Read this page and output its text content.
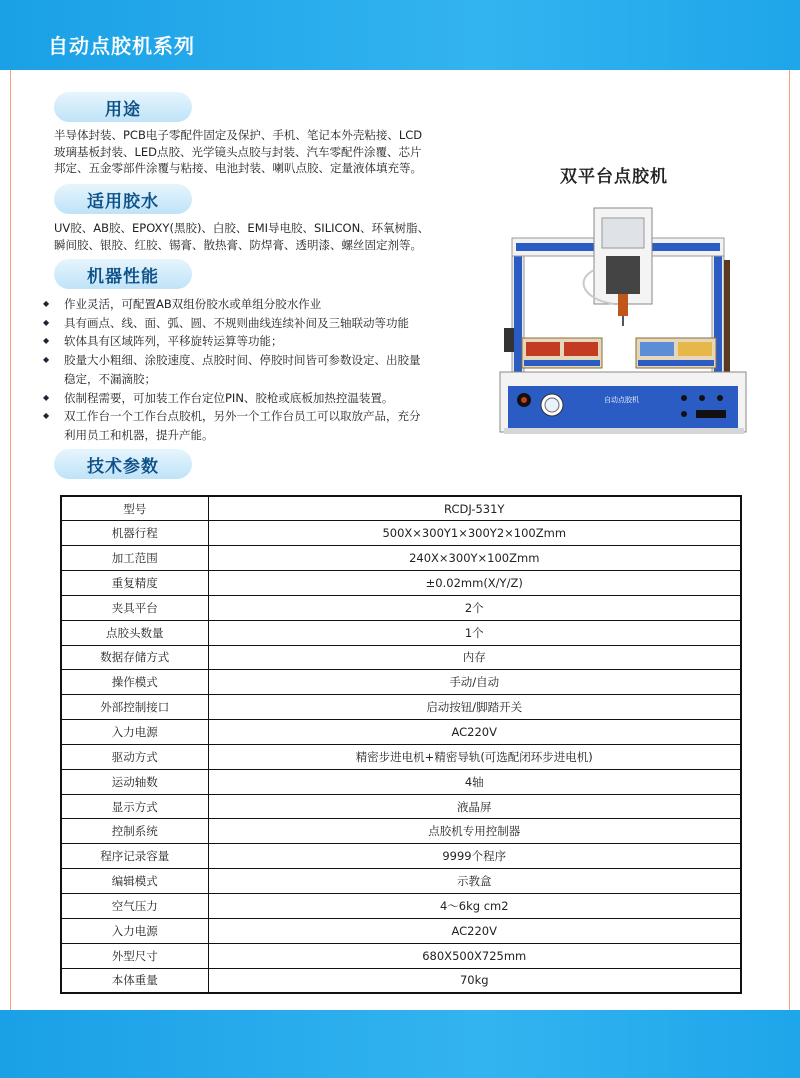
自动点胶机系列
用途
半导体封装、PCB电子零配件固定及保护、手机、笔记本外壳粘接、LCD
玻璃基板封装、LED点胶、光学镜头点胶与封装、汽车零配件涂覆、芯片
邦定、五金零部件涂覆与粘接、电池封装、喇叭点胶、定量液体填充等。
适用胶水
UV胶、AB胶、EPOXY(黑胶)、白胶、EMI导电胶、SILICON、环氧树脂、
瞬间胶、银胶、红胶、锡膏、散热膏、防焊膏、透明漆、螺丝固定剂等。
机器性能
◆ 作业灵活，可配置AB双组份胶水或单组分胶水作业
◆ 具有画点、线、面、弧、圆、不规则曲线连续补间及三轴联动等功能
◆ 软体具有区域阵列，平移旋转运算等功能；
◆ 胶量大小粗细、涂胶速度、点胶时间、停胶时间皆可参数设定、出胶量
稳定，不漏滴胶；
◆ 依制程需要，可加装工作台定位PIN、胶枪或底板加热控温装置。
◆ 双工作台一个工作台点胶机，另外一个工作台员工可以取放产品，充分
利用员工和机器，提升产能。
双平台点胶机
自动点胶机
技术参数
型号	RCDJ-531Y
机器行程	500X×300Y1×300Y2×100Zmm
加工范围	240X×300Y×100Zmm
重复精度	±0.02mm(X/Y/Z)
夹具平台	2个
点胶头数量	1个
数据存储方式	内存
操作模式	手动/自动
外部控制接口	启动按钮/脚踏开关
入力电源	AC220V
驱动方式	精密步进电机+精密导轨(可选配闭环步进电机)
运动轴数	4轴
显示方式	液晶屏
控制系统	点胶机专用控制器
程序记录容量	9999个程序
编辑模式	示教盒
空气压力	4～6kg cm2
入力电源	AC220V
外型尺寸	680X500X725mm
本体重量	70kg
